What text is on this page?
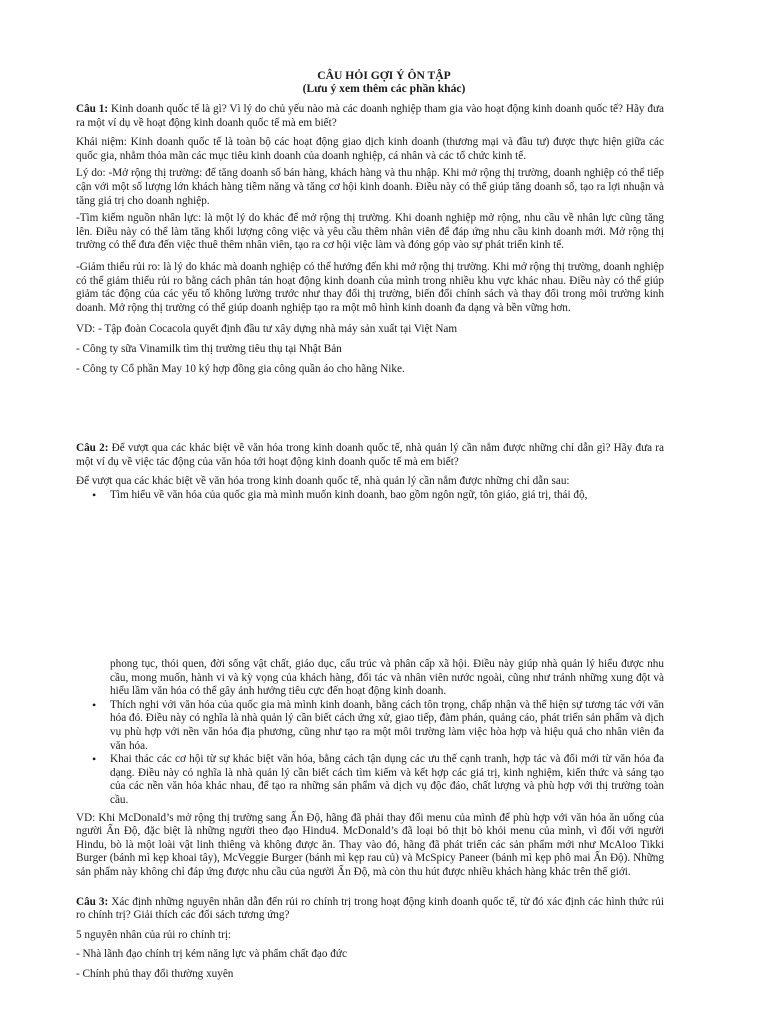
CÂU HỎI GỢI Ý ÔN TẬP
(Lưu ý xem thêm các phần khác)

Câu 1: Kinh doanh quốc tế là gì? Vì lý do chủ yếu nào mà các doanh nghiệp tham gia vào hoạt động kinh doanh quốc tế? Hãy đưa ra một ví dụ về hoạt động kinh doanh quốc tế mà em biết?

Khái niệm: Kinh doanh quốc tế là toàn bộ các hoạt động giao dịch kinh doanh (thương mại và đầu tư) được thực hiện giữa các quốc gia, nhằm thỏa mãn các mục tiêu kinh doanh của doanh nghiệp, cá nhân và các tổ chức kinh tế.

Lý do: -Mở rộng thị trường: để tăng doanh số bán hàng, khách hàng và thu nhập. Khi mở rộng thị trường, doanh nghiệp có thể tiếp cận với một số lượng lớn khách hàng tiềm năng và tăng cơ hội kinh doanh. Điều này có thể giúp tăng doanh số, tạo ra lợi nhuận và tăng giá trị cho doanh nghiệp.

-Tìm kiếm nguồn nhân lực: là một lý do khác để mở rộng thị trường. Khi doanh nghiệp mở rộng, nhu cầu về nhân lực cũng tăng lên. Điều này có thể làm tăng khối lượng công việc và yêu cầu thêm nhân viên để đáp ứng nhu cầu kinh doanh mới. Mở rộng thị trường có thể đưa đến việc thuê thêm nhân viên, tạo ra cơ hội việc làm và đóng góp vào sự phát triển kinh tế.

-Giảm thiểu rủi ro: là lý do khác mà doanh nghiệp có thể hướng đến khi mở rộng thị trường. Khi mở rộng thị trường, doanh nghiệp có thể giảm thiểu rủi ro bằng cách phân tán hoạt động kinh doanh của mình trong nhiều khu vực khác nhau. Điều này có thể giúp giảm tác động của các yếu tố không lường trước như thay đổi thị trường, biến đổi chính sách và thay đổi trong môi trường kinh doanh. Mở rộng thị trường có thể giúp doanh nghiệp tạo ra một mô hình kinh doanh đa dạng và bền vững hơn.

VD: - Tập đoàn Cocacola quyết định đầu tư xây dựng nhà máy sản xuất tại Việt Nam

- Công ty sữa Vinamilk tìm thị trường tiêu thụ tại Nhật Bản

- Công ty Cổ phần May 10 ký hợp đồng gia công quần áo cho hãng Nike.

Câu 2: Để vượt qua các khác biệt về văn hóa trong kinh doanh quốc tế, nhà quản lý cần nắm được những chỉ dẫn gì? Hãy đưa ra một ví dụ về việc tác động của văn hóa tới hoạt động kinh doanh quốc tế mà em biết?

Để vượt qua các khác biệt về văn hóa trong kinh doanh quốc tế, nhà quản lý cần nắm được những chỉ dẫn sau:

• Tìm hiểu về văn hóa của quốc gia mà mình muốn kinh doanh, bao gồm ngôn ngữ, tôn giáo, giá trị, thái độ,

phong tục, thói quen, đời sống vật chất, giáo dục, cấu trúc và phân cấp xã hội. Điều này giúp nhà quản lý hiểu được nhu cầu, mong muốn, hành vi và kỳ vọng của khách hàng, đối tác và nhân viên nước ngoài, cũng như tránh những xung đột và hiểu lầm văn hóa có thể gây ảnh hưởng tiêu cực đến hoạt động kinh doanh.

• Thích nghi với văn hóa của quốc gia mà mình kinh doanh, bằng cách tôn trọng, chấp nhận và thể hiện sự tương tác với văn hóa đó. Điều này có nghĩa là nhà quản lý cần biết cách ứng xử, giao tiếp, đàm phán, quảng cáo, phát triển sản phẩm và dịch vụ phù hợp với nền văn hóa địa phương, cũng như tạo ra một môi trường làm việc hòa hợp và hiệu quả cho nhân viên đa văn hóa.
• Khai thác các cơ hội từ sự khác biệt văn hóa, bằng cách tận dụng các ưu thế cạnh tranh, hợp tác và đổi mới từ văn hóa đa dạng. Điều này có nghĩa là nhà quản lý cần biết cách tìm kiếm và kết hợp các giá trị, kinh nghiệm, kiến thức và sáng tạo của các nền văn hóa khác nhau, để tạo ra những sản phẩm và dịch vụ độc đáo, chất lượng và phù hợp với thị trường toàn cầu.

VD: Khi McDonald’s mở rộng thị trường sang Ấn Độ, hãng đã phải thay đổi menu của mình để phù hợp với văn hóa ăn uống của người Ấn Độ, đặc biệt là những người theo đạo Hindu4. McDonald’s đã loại bỏ thịt bò khỏi menu của mình, vì đối với người Hindu, bò là một loài vật linh thiêng và không được ăn. Thay vào đó, hãng đã phát triển các sản phẩm mới như McAloo Tikki Burger (bánh mì kẹp khoai tây), McVeggie Burger (bánh mì kẹp rau củ) và McSpicy Paneer (bánh mì kẹp phô mai Ấn Độ). Những sản phẩm này không chỉ đáp ứng được nhu cầu của người Ấn Độ, mà còn thu hút được nhiều khách hàng khác trên thế giới.

Câu 3: Xác định những nguyên nhân dẫn đến rủi ro chính trị trong hoạt động kinh doanh quốc tế, từ đó xác định các hình thức rủi ro chính trị? Giải thích các đối sách tương ứng?

5 nguyên nhân của rủi ro chính trị:

- Nhà lãnh đạo chính trị kém năng lực và phẩm chất đạo đức

- Chính phủ thay đổi thường xuyên
